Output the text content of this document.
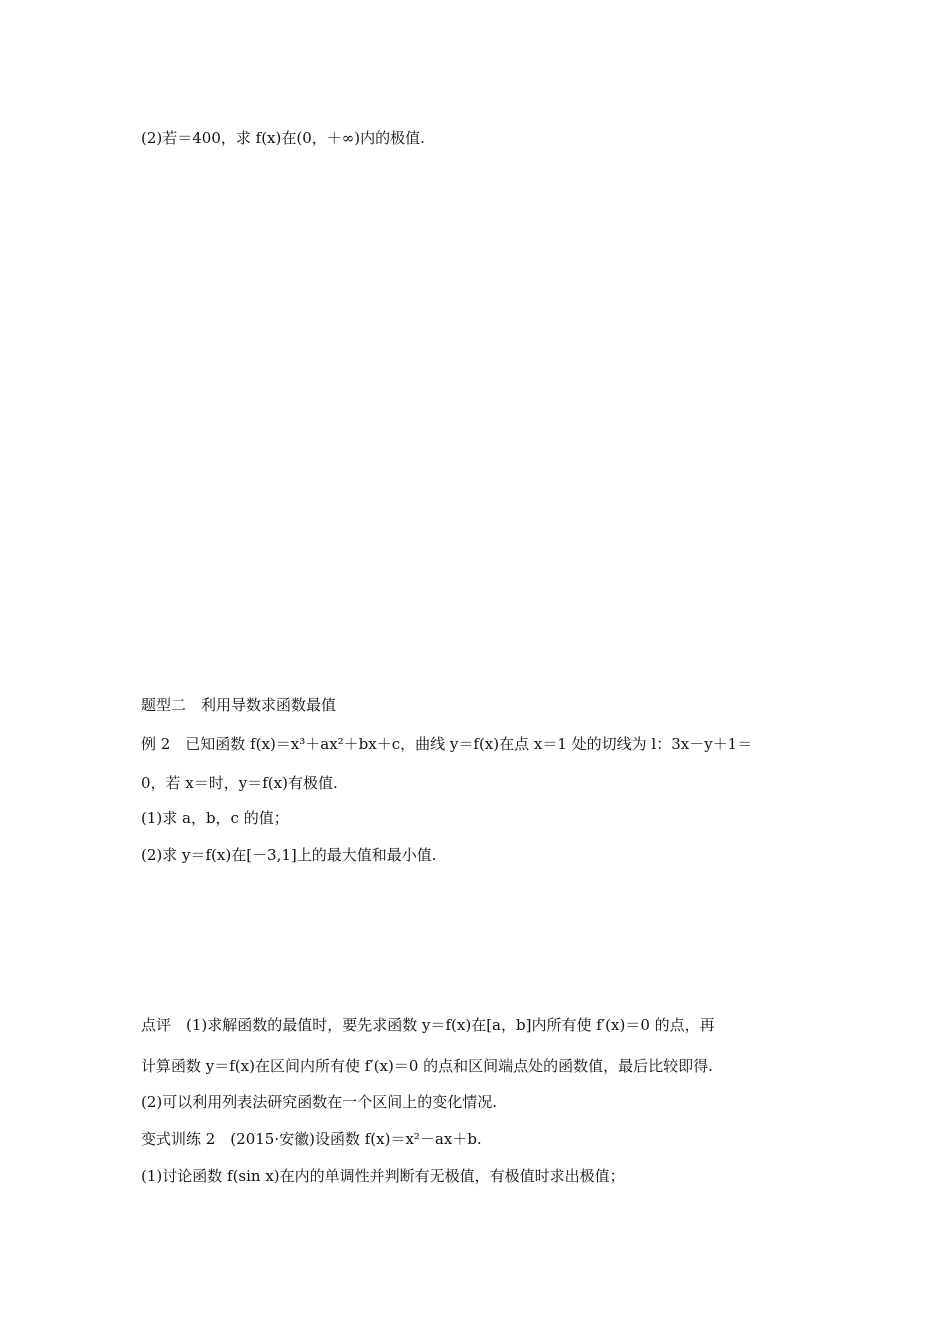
(2)若＝400，求 f(x)在(0，＋∞)内的极值.
题型二　利用导数求函数最值
例 2　已知函数 f(x)＝x³＋ax²＋bx＋c，曲线 y＝f(x)在点 x＝1 处的切线为 l：3x－y＋1＝
0，若 x＝时，y＝f(x)有极值.
(1)求 a，b，c 的值；
(2)求 y＝f(x)在[－3,1]上的最大值和最小值.
点评　(1)求解函数的最值时，要先求函数 y＝f(x)在[a，b]内所有使 f′(x)＝0 的点，再
计算函数 y＝f(x)在区间内所有使 f′(x)＝0 的点和区间端点处的函数值，最后比较即得.
(2)可以利用列表法研究函数在一个区间上的变化情况.
变式训练 2　(2015·安徽)设函数 f(x)＝x²－ax＋b.
(1)讨论函数 f(sin x)在内的单调性并判断有无极值，有极值时求出极值；
